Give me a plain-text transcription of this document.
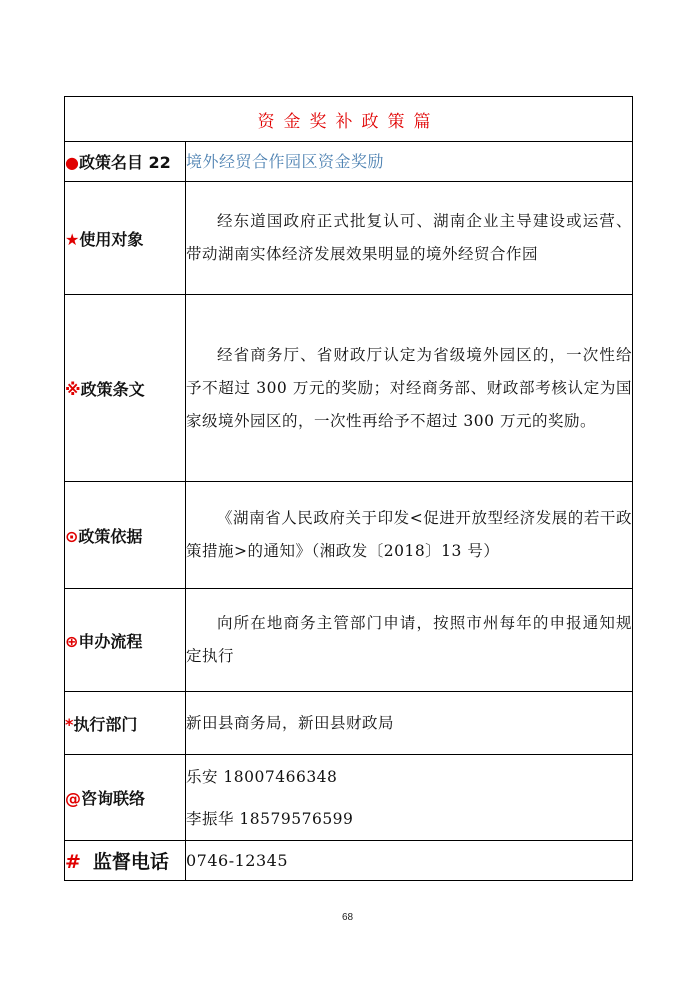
资金奖补政策篇	
●政策名目 22	境外经贸合作园区资金奖励
★使用对象	经东道国政府正式批复认可、湖南企业主导建设或运营、带动湖南实体经济发展效果明显的境外经贸合作园
※政策条文	经省商务厅、省财政厅认定为省级境外园区的，一次性给予不超过 300 万元的奖励；对经商务部、财政部考核认定为国家级境外园区的，一次性再给予不超过 300 万元的奖励。
⊙政策依据	《湖南省人民政府关于印发<促进开放型经济发展的若干政策措施>的通知》（湘政发〔2018〕13 号）
⊕申办流程	向所在地商务主管部门申请，按照市州每年的申报通知规定执行
*执行部门	新田县商务局，新田县财政局
@咨询联络	乐安 18007466348
李振华 18579576599

# 监督电话	0746-12345
68
